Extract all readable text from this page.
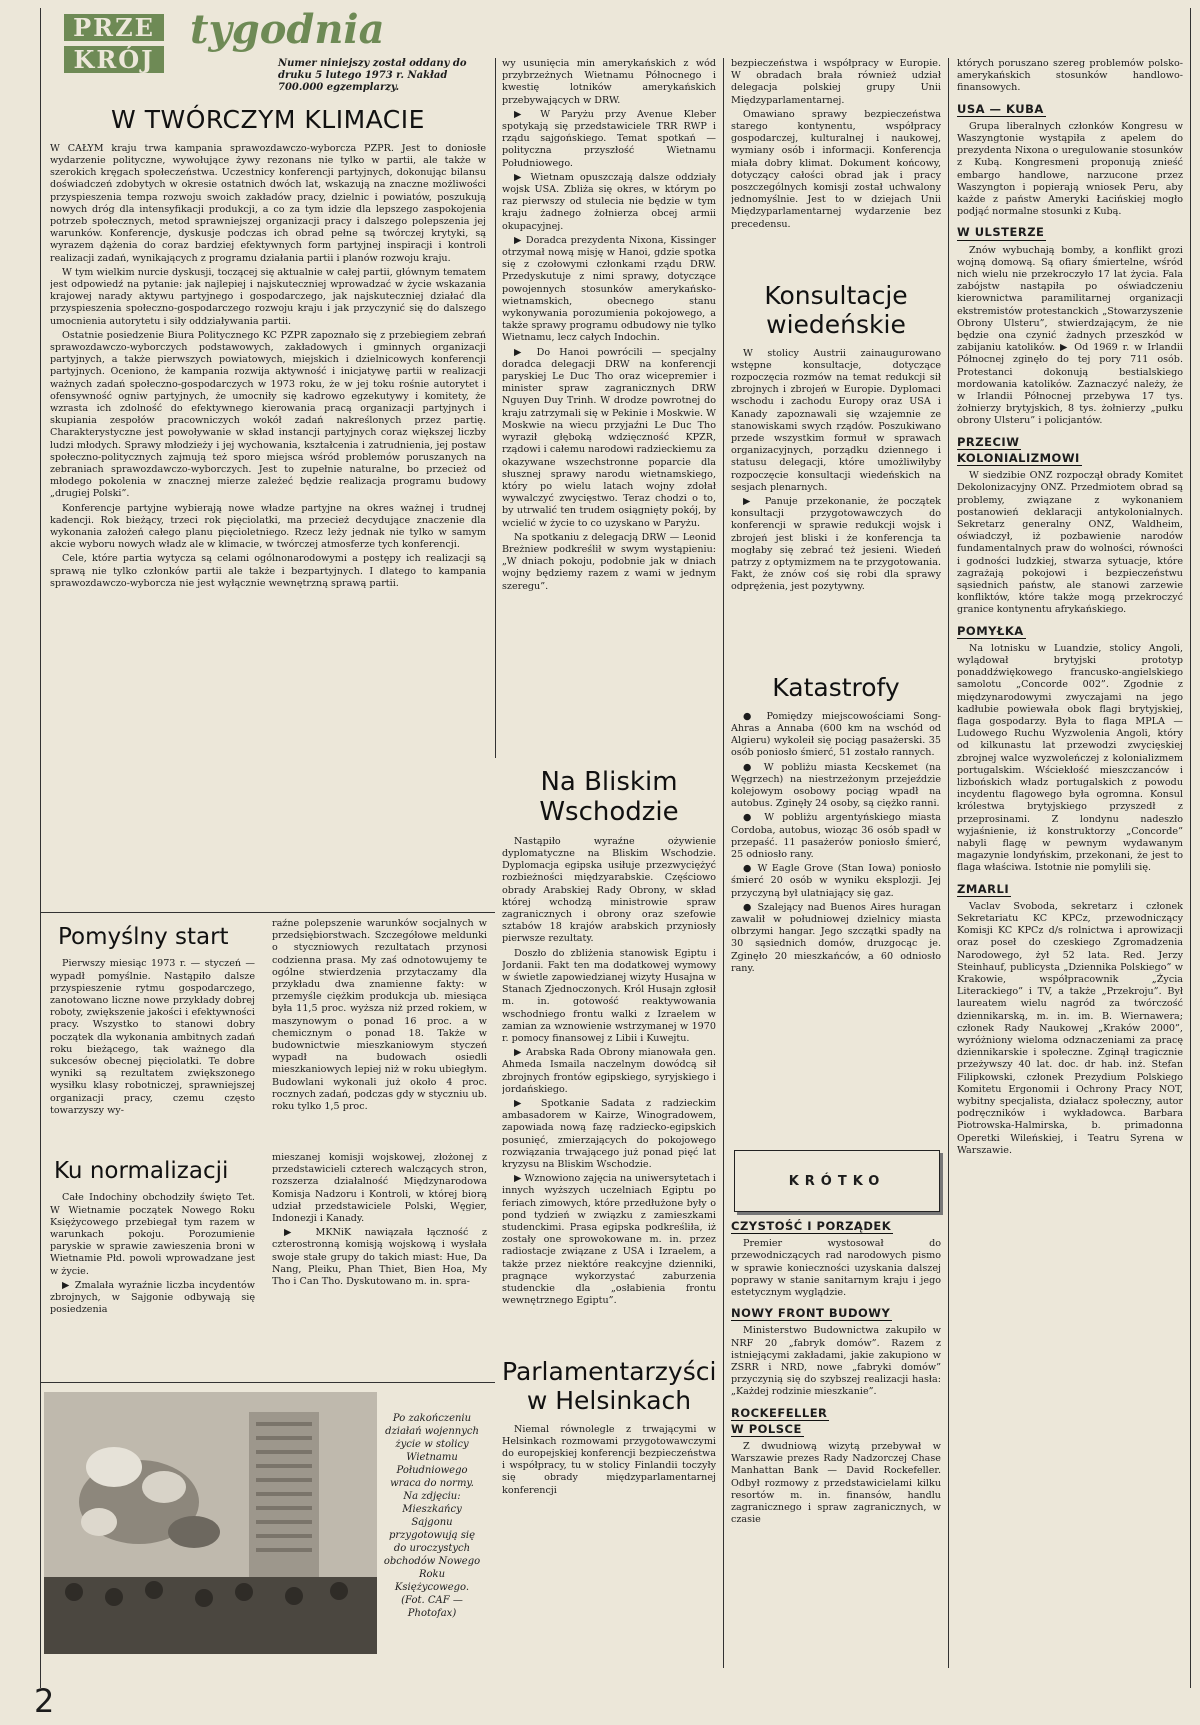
PRZE
KRÓJ
tygodnia
Numer niniejszy został oddany do druku 5 lutego 1973 r. Nakład 700.000 egzemplarzy.
W TWÓRCZYM KLIMACIE

W CAŁYM kraju trwa kampania sprawozdawczo-wyborcza PZPR. Jest to doniosłe wydarzenie polityczne, wywołujące żywy rezonans nie tylko w partii, ale także w szerokich kręgach społeczeństwa. Uczestnicy konferencji partyjnych, dokonując bilansu doświadczeń zdobytych w okresie ostatnich dwóch lat, wskazują na znaczne możliwości przyspieszenia tempa rozwoju swoich zakładów pracy, dzielnic i powiatów, poszukują nowych dróg dla intensyfikacji produkcji, a co za tym idzie dla lepszego zaspokojenia potrzeb społecznych, metod sprawniejszej organizacji pracy i dalszego polepszenia jej warunków. Konferencje, dyskusje podczas ich obrad pełne są twórczej krytyki, są wyrazem dążenia do coraz bardziej efektywnych form partyjnej inspiracji i kontroli realizacji zadań, wynikających z programu działania partii i planów rozwoju kraju.

W tym wielkim nurcie dyskusji, toczącej się aktualnie w całej partii, głównym tematem jest odpowiedź na pytanie: jak najlepiej i najskuteczniej wprowadzać w życie wskazania krajowej narady aktywu partyjnego i gospodarczego, jak najskuteczniej działać dla przyspieszenia społeczno-gospodarczego rozwoju kraju i jak przyczynić się do dalszego umocnienia autorytetu i siły oddziaływania partii.

Ostatnie posiedzenie Biura Politycznego KC PZPR zapoznało się z przebiegiem zebrań sprawozdawczo-wyborczych podstawowych, zakładowych i gminnych organizacji partyjnych, a także pierwszych powiatowych, miejskich i dzielnicowych konferencji partyjnych. Oceniono, że kampania rozwija aktywność i inicjatywę partii w realizacji ważnych zadań społeczno-gospodarczych w 1973 roku, że w jej toku rośnie autorytet i ofensywność ogniw partyjnych, że umocniły się kadrowo egzekutywy i komitety, że wzrasta ich zdolność do efektywnego kierowania pracą organizacji partyjnych i skupiania zespołów pracowniczych wokół zadań nakreślonych przez partię. Charakterystyczne jest powoływanie w skład instancji partyjnych coraz większej liczby ludzi młodych. Sprawy młodzieży i jej wychowania, kształcenia i zatrudnienia, jej postaw społeczno-politycznych zajmują też sporo miejsca wśród problemów poruszanych na zebraniach sprawozdawczo-wyborczych. Jest to zupełnie naturalne, bo przecież od młodego pokolenia w znacznej mierze zależeć będzie realizacja programu budowy „drugiej Polski”.

Konferencje partyjne wybierają nowe władze partyjne na okres ważnej i trudnej kadencji. Rok bieżący, trzeci rok pięciolatki, ma przecież decydujące znaczenie dla wykonania założeń całego planu pięcioletniego. Rzecz leży jednak nie tylko w samym akcie wyboru nowych władz ale w klimacie, w twórczej atmosferze tych konferencji.

Cele, które partia wytycza są celami ogólnonarodowymi a postępy ich realizacji są sprawą nie tylko członków partii ale także i bezpartyjnych. I dlatego to kampania sprawozdawczo-wyborcza nie jest wyłącznie wewnętrzną sprawą partii.

Pomyślny start

Pierwszy miesiąc 1973 r. — styczeń — wypadł pomyślnie. Nastąpiło dalsze przyspieszenie rytmu gospodarczego, zanotowano liczne nowe przykłady dobrej roboty, zwiększenie jakości i efektywności pracy. Wszystko to stanowi dobry początek dla wykonania ambitnych zadań roku bieżącego, tak ważnego dla sukcesów obecnej pięciolatki. Te dobre wyniki są rezultatem zwiększonego wysiłku klasy robotniczej, sprawniejszej organizacji pracy, czemu często towarzyszy wy-

raźne polepszenie warunków socjalnych w przedsiębiorstwach. Szczegółowe meldunki o styczniowych rezultatach przynosi codzienna prasa. My zaś odnotowujemy te ogólne stwierdzenia przytaczamy dla przykładu dwa znamienne fakty: w przemyśle ciężkim produkcja ub. miesiąca była 11,5 proc. wyższa niż przed rokiem, w maszynowym o ponad 16 proc. a w chemicznym o ponad 18. Także w budownictwie mieszkaniowym styczeń wypadł na budowach osiedli mieszkaniowych lepiej niż w roku ubiegłym. Budowlani wykonali już około 4 proc. rocznych zadań, podczas gdy w styczniu ub. roku tylko 1,5 proc.

Ku normalizacji

Całe Indochiny obchodziły święto Tet. W Wietnamie początek Nowego Roku Księżycowego przebiegał tym razem w warunkach pokoju. Porozumienie paryskie w sprawie zawieszenia broni w Wietnamie Płd. powoli wprowadzane jest w życie.

▶ Zmalała wyraźnie liczba incydentów zbrojnych, w Sajgonie odbywają się posiedzenia

mieszanej komisji wojskowej, złożonej z przedstawicieli czterech walczących stron, rozszerza działalność Międzynarodowa Komisja Nadzoru i Kontroli, w której biorą udział przedstawiciele Polski, Węgier, Indonezji i Kanady.

▶ MKNiK nawiązała łączność z czterostronną komisją wojskową i wysłała swoje stałe grupy do takich miast: Hue, Da Nang, Pleiku, Phan Thiet, Bien Hoa, My Tho i Can Tho. Dyskutowano m. in. spra-

Po zakończeniu działań wojennych życie w stolicy Wietnamu Południowego wraca do normy. Na zdjęciu: Mieszkańcy Sajgonu przygotowują się do uroczystych obchodów Nowego Roku Księżycowego. (Fot. CAF — Photofax)

wy usunięcia min amerykańskich z wód przybrzeżnych Wietnamu Północnego i kwestię lotników amerykańskich przebywających w DRW.

▶ W Paryżu przy Avenue Kleber spotykają się przedstawiciele TRR RWP i rządu sajgońskiego. Temat spotkań — polityczna przyszłość Wietnamu Południowego.

▶ Wietnam opuszczają dalsze oddziały wojsk USA. Zbliża się okres, w którym po raz pierwszy od stulecia nie będzie w tym kraju żadnego żołnierza obcej armii okupacyjnej.

▶ Doradca prezydenta Nixona, Kissinger otrzymał nową misję w Hanoi, gdzie spotka się z czołowymi członkami rządu DRW. Przedyskutuje z nimi sprawy, dotyczące powojennych stosunków amerykańsko-wietnamskich, obecnego stanu wykonywania porozumienia pokojowego, a także sprawy programu odbudowy nie tylko Wietnamu, lecz całych Indochin.

▶ Do Hanoi powrócili — specjalny doradca delegacji DRW na konferencji paryskiej Le Duc Tho oraz wicepremier i minister spraw zagranicznych DRW Nguyen Duy Trinh. W drodze powrotnej do kraju zatrzymali się w Pekinie i Moskwie. W Moskwie na wiecu przyjaźni Le Duc Tho wyraził głęboką wdzięczność KPZR, rządowi i całemu narodowi radzieckiemu za okazywane wszechstronne poparcie dla słusznej sprawy narodu wietnamskiego, który po wielu latach wojny zdołał wywalczyć zwycięstwo. Teraz chodzi o to, by utrwalić ten trudem osiągnięty pokój, by wcielić w życie to co uzyskano w Paryżu.

Na spotkaniu z delegacją DRW — Leonid Breżniew podkreślił w swym wystąpieniu: „W dniach pokoju, podobnie jak w dniach wojny będziemy razem z wami w jednym szeregu”.

Na Bliskim Wschodzie

Nastąpiło wyraźne ożywienie dyplomatyczne na Bliskim Wschodzie. Dyplomacja egipska usiłuje przezwyciężyć rozbieżności międzyarabskie. Częściowo obrady Arabskiej Rady Obrony, w skład której wchodzą ministrowie spraw zagranicznych i obrony oraz szefowie sztabów 18 krajów arabskich przyniosły pierwsze rezultaty.

Doszło do zbliżenia stanowisk Egiptu i Jordanii. Fakt ten ma dodatkowej wymowy w świetle zapowiedzianej wizyty Husajna w Stanach Zjednoczonych. Król Husajn zgłosił m. in. gotowość reaktywowania wschodniego frontu walki z Izraelem w zamian za wznowienie wstrzymanej w 1970 r. pomocy finansowej z Libii i Kuwejtu.

▶ Arabska Rada Obrony mianowała gen. Ahmeda Ismaila naczelnym dowódcą sił zbrojnych frontów egipskiego, syryjskiego i jordańskiego.

▶ Spotkanie Sadata z radzieckim ambasadorem w Kairze, Winogradowem, zapowiada nową fazę radziecko-egipskich posunięć, zmierzających do pokojowego rozwiązania trwającego już ponad pięć lat kryzysu na Bliskim Wschodzie.

▶ Wznowiono zajęcia na uniwersytetach i innych wyższych uczelniach Egiptu po feriach zimowych, które przedłużone były o pond tydzień w związku z zamieszkami studenckimi. Prasa egipska podkreśliła, iż zostały one sprowokowane m. in. przez radiostacje związane z USA i Izraelem, a także przez niektóre reakcyjne dzienniki, pragnące wykorzystać zaburzenia studenckie dla „osłabienia frontu wewnętrznego Egiptu”.

Parlamentarzyści w Helsinkach

Niemal równolegle z trwającymi w Helsinkach rozmowami przygotowawczymi do europejskiej konferencji bezpieczeństwa i współpracy, tu w stolicy Finlandii toczyły się obrady międzyparlamentarnej konferencji

bezpieczeństwa i współpracy w Europie. W obradach brała również udział delegacja polskiej grupy Unii Międzyparlamentarnej.

Omawiano sprawy bezpieczeństwa starego kontynentu, współpracy gospodarczej, kulturalnej i naukowej, wymiany osób i informacji. Konferencja miała dobry klimat. Dokument końcowy, dotyczący całości obrad jak i pracy poszczególnych komisji został uchwalony jednomyślnie. Jest to w dziejach Unii Międzyparlamentarnej wydarzenie bez precedensu.

Konsultacje wiedeńskie

W stolicy Austrii zainaugurowano wstępne konsultacje, dotyczące rozpoczęcia rozmów na temat redukcji sił zbrojnych i zbrojeń w Europie. Dyplomaci wschodu i zachodu Europy oraz USA i Kanady zapoznawali się wzajemnie ze stanowiskami swych rządów. Poszukiwano przede wszystkim formuł w sprawach organizacyjnych, porządku dziennego i statusu delegacji, które umożliwiłyby rozpoczęcie konsultacji wiedeńskich na sesjach plenarnych.

▶ Panuje przekonanie, że początek konsultacji przygotowawczych do konferencji w sprawie redukcji wojsk i zbrojeń jest bliski i że konferencja ta mogłaby się zebrać też jesieni. Wiedeń patrzy z optymizmem na te przygotowania. Fakt, że znów coś się robi dla sprawy odprężenia, jest pozytywny.

Katastrofy

● Pomiędzy miejscowościami Song-Ahras a Annaba (600 km na wschód od Algieru) wykoleił się pociąg pasażerski. 35 osób poniosło śmierć, 51 zostało rannych.

● W pobliżu miasta Kecskemet (na Węgrzech) na niestrzeżonym przejeździe kolejowym osobowy pociąg wpadł na autobus. Zginęły 24 osoby, są ciężko ranni.

● W pobliżu argentyńskiego miasta Cordoba, autobus, wioząc 36 osób spadł w przepaść. 11 pasażerów poniosło śmierć, 25 odniosło rany.

● W Eagle Grove (Stan Iowa) poniosło śmierć 20 osób w wyniku eksplozji. Jej przyczyną był ulatniający się gaz.

● Szalejący nad Buenos Aires huragan zawalił w południowej dzielnicy miasta olbrzymi hangar. Jego szczątki spadły na 30 sąsiednich domów, druzgocąc je. Zginęło 20 mieszkańców, a 60 odniosło rany.

KRÓTKO
CZYSTOŚĆ I PORZĄDEK

Premier wystosował do przewodniczących rad narodowych pismo w sprawie konieczności uzyskania dalszej poprawy w stanie sanitarnym kraju i jego estetycznym wyglądzie.

NOWY FRONT BUDOWY

Ministerstwo Budownictwa zakupiło w NRF 20 „fabryk domów”. Razem z istniejącymi zakładami, jakie zakupiono w ZSRR i NRD, nowe „fabryki domów” przyczynią się do szybszej realizacji hasła: „Każdej rodzinie mieszkanie”.

ROCKEFELLER
W POLSCE

Z dwudniową wizytą przebywał w Warszawie prezes Rady Nadzorczej Chase Manhattan Bank — David Rockefeller. Odbył rozmowy z przedstawicielami kilku resortów m. in. finansów, handlu zagranicznego i spraw zagranicznych, w czasie

których poruszano szereg problemów polsko-amerykańskich stosunków handlowo-finansowych.

USA — KUBA

Grupa liberalnych członków Kongresu w Waszyngtonie wystąpiła z apelem do prezydenta Nixona o uregulowanie stosunków z Kubą. Kongresmeni proponują znieść embargo handlowe, narzucone przez Waszyngton i popierają wniosek Peru, aby każde z państw Ameryki Łacińskiej mogło podjąć normalne stosunki z Kubą.

W ULSTERZE

Znów wybuchają bomby, a konflikt grozi wojną domową. Są ofiary śmiertelne, wśród nich wielu nie przekroczyło 17 lat życia. Fala zabójstw nastąpiła po oświadczeniu kierownictwa paramilitarnej organizacji ekstremistów protestanckich „Stowarzyszenie Obrony Ulsteru”, stwierdzającym, że nie będzie ona czynić żadnych przeszkód w zabijaniu katolików. ▶ Od 1969 r. w Irlandii Północnej zginęło do tej pory 711 osób. Protestanci dokonują bestialskiego mordowania katolików. Zaznaczyć należy, że w Irlandii Północnej przebywa 17 tys. żołnierzy brytyjskich, 8 tys. żołnierzy „pułku obrony Ulsteru” i policjantów.

PRZECIW
KOLONIALIZMOWI

W siedzibie ONZ rozpoczął obrady Komitet Dekolonizacyjny ONZ. Przedmiotem obrad są problemy, związane z wykonaniem postanowień deklaracji antykolonialnych. Sekretarz generalny ONZ, Waldheim, oświadczył, iż pozbawienie narodów fundamentalnych praw do wolności, równości i godności ludzkiej, stwarza sytuacje, które zagrażają pokojowi i bezpieczeństwu sąsiednich państw, ale stanowi zarzewie konfliktów, które także mogą przekroczyć granice kontynentu afrykańskiego.

POMYŁKA

Na lotnisku w Luandzie, stolicy Angoli, wylądował brytyjski prototyp ponaddźwiękowego francusko-angielskiego samolotu „Concorde 002”. Zgodnie z międzynarodowymi zwyczajami na jego kadłubie powiewała obok flagi brytyjskiej, flaga gospodarzy. Była to flaga MPLA — Ludowego Ruchu Wyzwolenia Angoli, który od kilkunastu lat przewodzi zwycięskiej zbrojnej walce wyzwoleńczej z kolonializmem portugalskim. Wściekłość mieszczanców i lizbońskich władz portugalskich z powodu incydentu flagowego była ogromna. Konsul królestwa brytyjskiego przyszedł z przeprosinami. Z londynu nadeszło wyjaśnienie, iż konstruktorzy „Concorde” nabyli flagę w pewnym wydawanym magazynie londyńskim, przekonani, że jest to flaga właściwa. Istotnie nie pomylili się.

ZMARLI

Vaclav Svoboda, sekretarz i członek Sekretariatu KC KPCz, przewodniczący Komisji KC KPCz d/s rolnictwa i aprowizacji oraz poseł do czeskiego Zgromadzenia Narodowego, żył 52 lata. Red. Jerzy Steinhauf, publicysta „Dziennika Polskiego” w Krakowie, współpracownik „Życia Literackiego” i TV, a także „Przekroju”. Był laureatem wielu nagród za twórczość dziennikarską, m. in. im. B. Wiernawera; członek Rady Naukowej „Kraków 2000”, wyróżniony wieloma odznaczeniami za pracę dziennikarskie i społeczne. Zginął tragicznie przeżywszy 40 lat. doc. dr hab. inż. Stefan Filipkowski, członek Prezydium Polskiego Komitetu Ergonomii i Ochrony Pracy NOT, wybitny specjalista, działacz społeczny, autor podręczników i wykładowca. Barbara Piotrowska-Halmirska, b. primadonna Operetki Wileńskiej, i Teatru Syrena w Warszawie.

2
